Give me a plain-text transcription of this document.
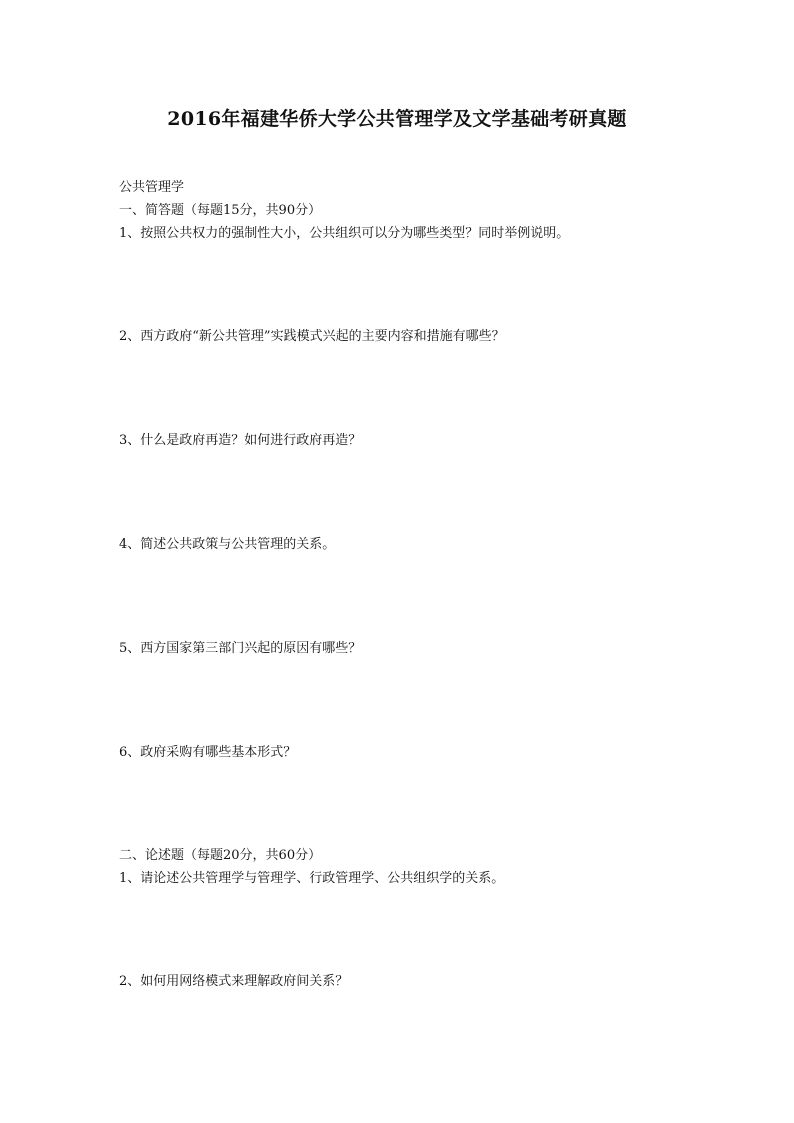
2016年福建华侨大学公共管理学及文学基础考研真题
公共管理学
一、简答题（每题15分，共90分）
1、按照公共权力的强制性大小，公共组织可以分为哪些类型？同时举例说明。
2、西方政府“新公共管理”实践模式兴起的主要内容和措施有哪些？
3、什么是政府再造？如何进行政府再造？
4、简述公共政策与公共管理的关系。
5、西方国家第三部门兴起的原因有哪些？
6、政府采购有哪些基本形式？
二、论述题（每题20分，共60分）
1、请论述公共管理学与管理学、行政管理学、公共组织学的关系。
2、如何用网络模式来理解政府间关系？
